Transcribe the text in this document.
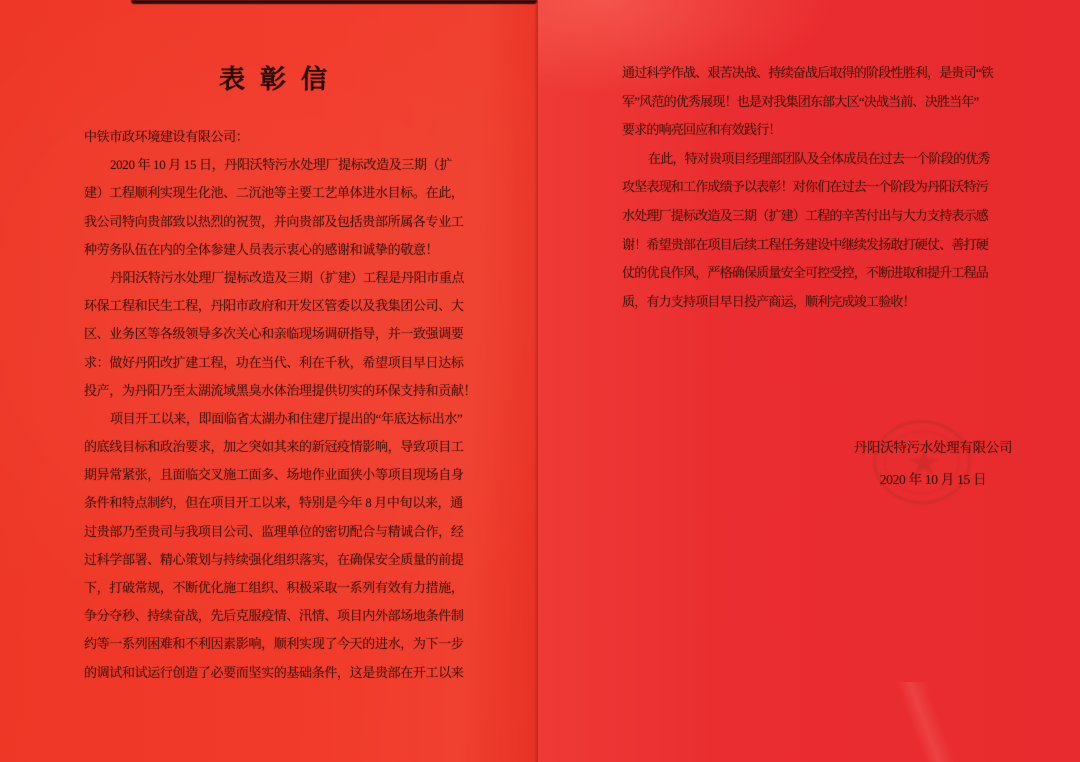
表彰信
中铁市政环境建设有限公司：
2020 年 10 月 15 日，丹阳沃特污水处理厂提标改造及三期（扩
建）工程顺利实现生化池、二沉池等主要工艺单体进水目标。在此，
我公司特向贵部致以热烈的祝贺，并向贵部及包括贵部所属各专业工
种劳务队伍在内的全体参建人员表示衷心的感谢和诚挚的敬意！
丹阳沃特污水处理厂提标改造及三期（扩建）工程是丹阳市重点
环保工程和民生工程，丹阳市政府和开发区管委以及我集团公司、大
区、业务区等各级领导多次关心和亲临现场调研指导，并一致强调要
求：做好丹阳改扩建工程，功在当代、利在千秋，希望项目早日达标
投产，为丹阳乃至太湖流域黑臭水体治理提供切实的环保支持和贡献！
项目开工以来，即面临省太湖办和住建厅提出的“年底达标出水”
的底线目标和政治要求，加之突如其来的新冠疫情影响，导致项目工
期异常紧张，且面临交叉施工面多、场地作业面狭小等项目现场自身
条件和特点制约，但在项目开工以来，特别是今年 8 月中旬以来，通
过贵部乃至贵司与我项目公司、监理单位的密切配合与精诚合作，经
过科学部署、精心策划与持续强化组织落实，在确保安全质量的前提
下，打破常规，不断优化施工组织、积极采取一系列有效有力措施，
争分夺秒、持续奋战，先后克服疫情、汛情、项目内外部场地条件制
约等一系列困难和不利因素影响，顺利实现了今天的进水，为下一步
的调试和试运行创造了必要而坚实的基础条件，这是贵部在开工以来
通过科学作战、艰苦决战、持续奋战后取得的阶段性胜利，是贵司“铁
军”风范的优秀展现！也是对我集团东部大区“决战当前、决胜当年”
要求的响亮回应和有效践行！
在此，特对贵项目经理部团队及全体成员在过去一个阶段的优秀
攻坚表现和工作成绩予以表彰！对你们在过去一个阶段为丹阳沃特污
水处理厂提标改造及三期（扩建）工程的辛苦付出与大力支持表示感
谢！希望贵部在项目后续工程任务建设中继续发扬敢打硬仗、善打硬
仗的优良作风，严格确保质量安全可控受控，不断进取和提升工程品
质，有力支持项目早日投产商运，顺利完成竣工验收！
丹阳沃特污水处理有限公司
2020 年 10 月 15 日
